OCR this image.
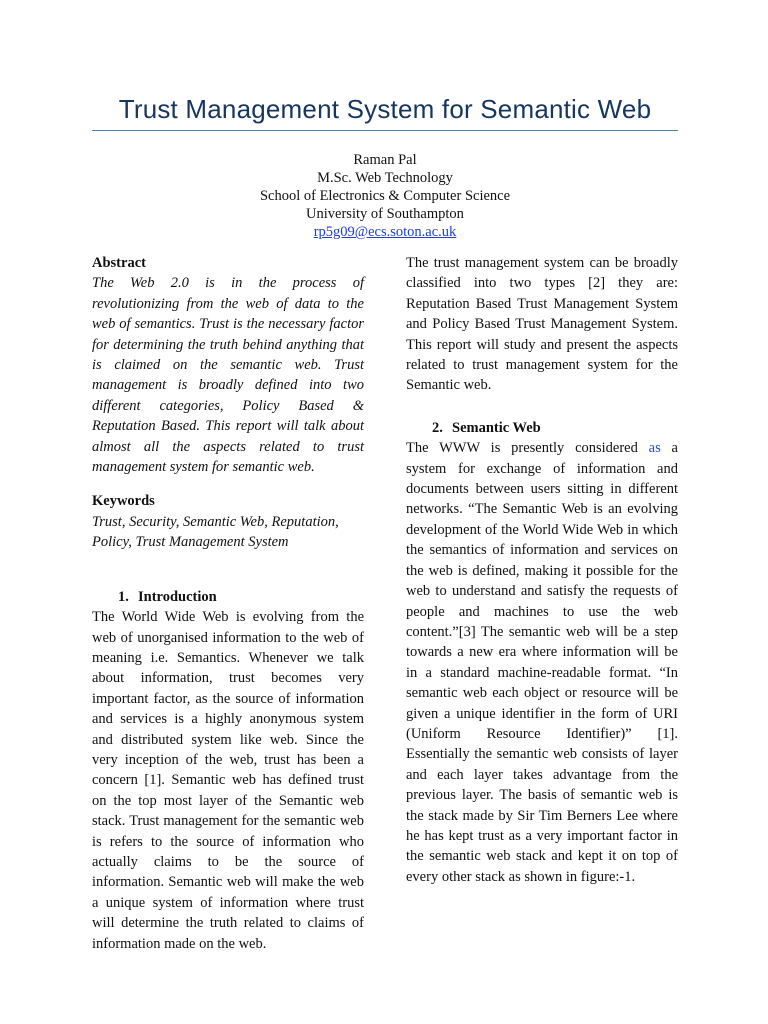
Trust Management System for Semantic Web
Raman Pal
M.Sc. Web Technology
School of Electronics & Computer Science
University of Southampton
rp5g09@ecs.soton.ac.uk

Abstract

The Web 2.0 is in the process of revolutionizing from the web of data to the web of semantics. Trust is the necessary factor for determining the truth behind anything that is claimed on the semantic web. Trust management is broadly defined into two different categories, Policy Based & Reputation Based. This report will talk about almost all the aspects related to trust management system for semantic web.

Keywords

Trust, Security, Semantic Web, Reputation, Policy, Trust Management System

1. Introduction

The World Wide Web is evolving from the web of unorganised information to the web of meaning i.e. Semantics. Whenever we talk about information, trust becomes very important factor, as the source of information and services is a highly anonymous system and distributed system like web. Since the very inception of the web, trust has been a concern [1]. Semantic web has defined trust on the top most layer of the Semantic web stack. Trust management for the semantic web is refers to the source of information who actually claims to be the source of information. Semantic web will make the web a unique system of information where trust will determine the truth related to claims of information made on the web.

The trust management system can be broadly classified into two types [2] they are: Reputation Based Trust Management System and Policy Based Trust Management System. This report will study and present the aspects related to trust management system for the Semantic web.

2. Semantic Web

The WWW is presently considered as a system for exchange of information and documents between users sitting in different networks. “The Semantic Web is an evolving development of the World Wide Web in which the semantics of information and services on the web is defined, making it possible for the web to understand and satisfy the requests of people and machines to use the web content.”[3] The semantic web will be a step towards a new era where information will be in a standard machine-readable format. “In semantic web each object or resource will be given a unique identifier in the form of URI (Uniform Resource Identifier)” [1]. Essentially the semantic web consists of layer and each layer takes advantage from the previous layer. The basis of semantic web is the stack made by Sir Tim Berners Lee where he has kept trust as a very important factor in the semantic web stack and kept it on top of every other stack as shown in figure:-1.
